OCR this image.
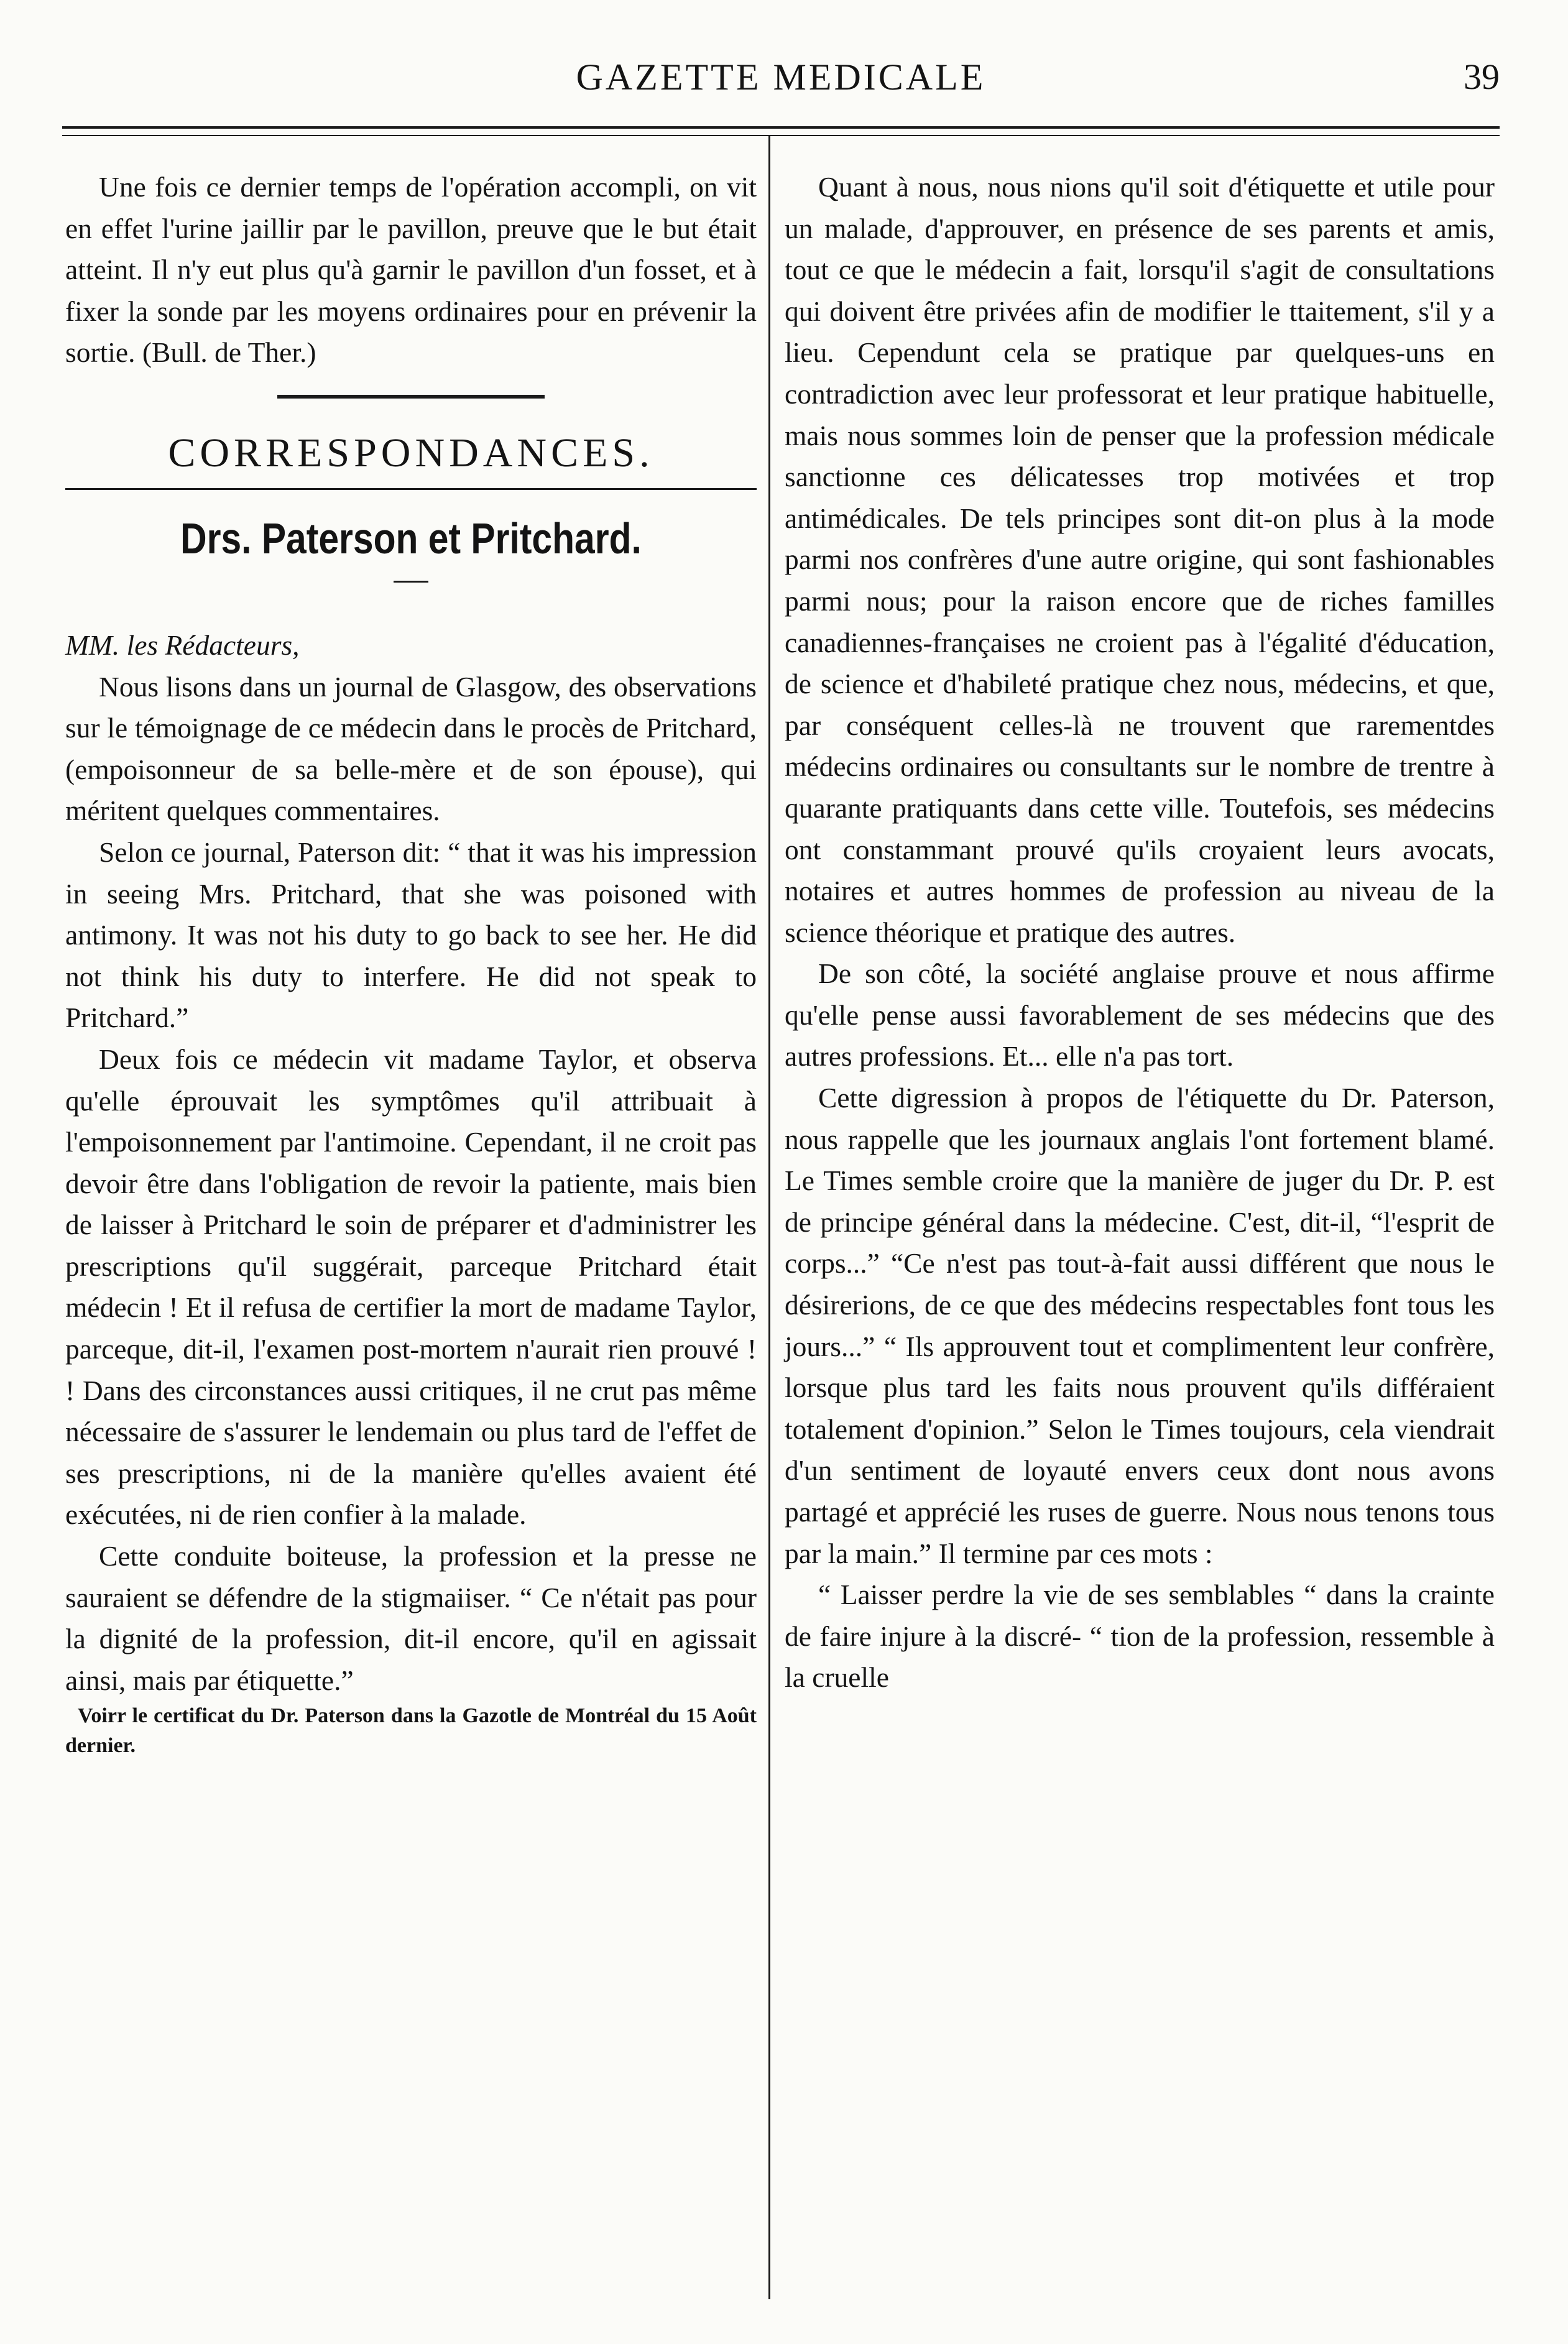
GAZETTE MEDICALE	39

Une fois ce dernier temps de l'opération accompli, on vit en effet l'urine jaillir par le pavillon, preuve que le but était atteint. Il n'y eut plus qu'à garnir le pavillon d'un fosset, et à fixer la sonde par les moyens ordinaires pour en prévenir la sortie. (Bull. de Ther.)

CORRESPONDANCES.
Drs. Paterson et Pritchard.

MM. les Rédacteurs,

Nous lisons dans un journal de Glasgow, des observations sur le témoignage de ce médecin dans le procès de Pritchard, (empoisonneur de sa belle-mère et de son épouse), qui méritent quelques commentaires.

Selon ce journal, Paterson dit: “ that it was his impression in seeing Mrs. Pritchard, that she was poisoned with antimony. It was not his duty to go back to see her. He did not think his duty to interfere. He did not speak to Pritchard.”

Deux fois ce médecin vit madame Taylor, et observa qu'elle éprouvait les symptômes qu'il attribuait à l'empoisonnement par l'antimoine. Cependant, il ne croit pas devoir être dans l'obligation de revoir la patiente, mais bien de laisser à Pritchard le soin de préparer et d'administrer les prescriptions qu'il suggérait, parceque Pritchard était médecin ! Et il refusa de certifier la mort de madame Taylor, parceque, dit-il, l'examen post-mortem n'aurait rien prouvé ! ! Dans des circonstances aussi critiques, il ne crut pas même nécessaire de s'assurer le lendemain ou plus tard de l'effet de ses prescriptions, ni de la manière qu'elles avaient été exécutées, ni de rien confier à la malade.

Cette conduite boiteuse, la profession et la presse ne sauraient se défendre de la stigmaiiser. “ Ce n'était pas pour la dignité de la profession, dit-il encore, qu'il en agissait ainsi, mais par étiquette.”

Voirr le certificat du Dr. Paterson dans la Gazotle de Montréal du 15 Août dernier.

Quant à nous, nous nions qu'il soit d'étiquette et utile pour un malade, d'approuver, en présence de ses parents et amis, tout ce que le médecin a fait, lorsqu'il s'agit de consultations qui doivent être privées afin de modifier le ttaitement, s'il y a lieu. Cependunt cela se pratique par quelques-uns en contradiction avec leur professorat et leur pratique habituelle, mais nous sommes loin de penser que la profession médicale sanctionne ces délicatesses trop motivées et trop antimédicales. De tels principes sont dit-on plus à la mode parmi nos confrères d'une autre origine, qui sont fashionables parmi nous; pour la raison encore que de riches familles canadiennes-françaises ne croient pas à l'égalité d'éducation, de science et d'habileté pratique chez nous, médecins, et que, par conséquent celles-là ne trouvent que rarementdes médecins ordinaires ou consultants sur le nombre de trentre à quarante pratiquants dans cette ville. Toutefois, ses médecins ont constammant prouvé qu'ils croyaient leurs avocats, notaires et autres hommes de profession au niveau de la science théorique et pratique des autres.

De son côté, la société anglaise prouve et nous affirme qu'elle pense aussi favorablement de ses médecins que des autres professions. Et... elle n'a pas tort.

Cette digression à propos de l'étiquette du Dr. Paterson, nous rappelle que les journaux anglais l'ont fortement blamé. Le Times semble croire que la manière de juger du Dr. P. est de principe général dans la médecine. C'est, dit-il, “l'esprit de corps...” “Ce n'est pas tout-à-fait aussi différent que nous le désirerions, de ce que des médecins respectables font tous les jours...” “ Ils approuvent tout et complimentent leur confrère, lorsque plus tard les faits nous prouvent qu'ils différaient totalement d'opinion.” Selon le Times toujours, cela viendrait d'un sentiment de loyauté envers ceux dont nous avons partagé et apprécié les ruses de guerre. Nous nous tenons tous par la main.” Il termine par ces mots :

“ Laisser perdre la vie de ses semblables “ dans la crainte de faire injure à la discré- “ tion de la profession, ressemble à la cruelle
